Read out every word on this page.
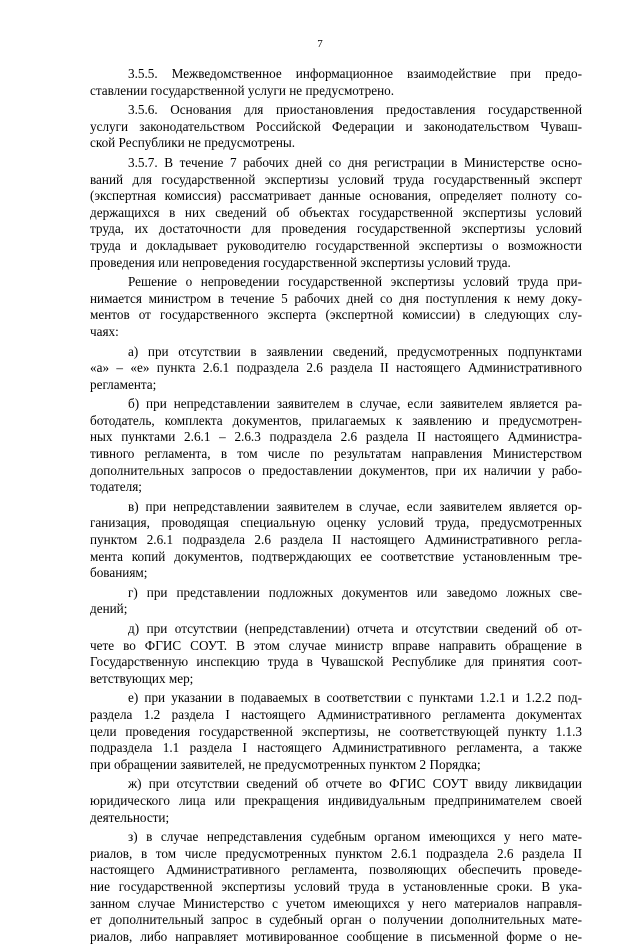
7
3.5.5. Межведомственное информационное взаимодействие при предо-
ставлении государственной услуги не предусмотрено.
3.5.6. Основания для приостановления предоставления государственной
услуги законодательством Российской Федерации и законодательством Чуваш-
ской Республики не предусмотрены.
3.5.7. В течение 7 рабочих дней со дня регистрации в Министерстве осно-
ваний для государственной экспертизы условий труда государственный эксперт
(экспертная комиссия) рассматривает данные основания, определяет полноту со-
держащихся в них сведений об объектах государственной экспертизы условий
труда, их достаточности для проведения государственной экспертизы условий
труда и докладывает руководителю государственной экспертизы о возможности
проведения или непроведения государственной экспертизы условий труда.
Решение о непроведении государственной экспертизы условий труда при-
нимается министром в течение 5 рабочих дней со дня поступления к нему доку-
ментов от государственного эксперта (экспертной комиссии) в следующих слу-
чаях:
а) при отсутствии в заявлении сведений, предусмотренных подпунктами
«а» – «е» пункта 2.6.1 подраздела 2.6 раздела II настоящего Административного
регламента;
б) при непредставлении заявителем в случае, если заявителем является ра-
ботодатель, комплекта документов, прилагаемых к заявлению и предусмотрен-
ных пунктами 2.6.1 – 2.6.3 подраздела 2.6 раздела II настоящего Администра-
тивного регламента, в том числе по результатам направления Министерством
дополнительных запросов о предоставлении документов, при их наличии у рабо-
тодателя;
в) при непредставлении заявителем в случае, если заявителем является ор-
ганизация, проводящая специальную оценку условий труда, предусмотренных
пунктом 2.6.1 подраздела 2.6 раздела II настоящего Административного регла-
мента копий документов, подтверждающих ее соответствие установленным тре-
бованиям;
г) при представлении подложных документов или заведомо ложных све-
дений;
д) при отсутствии (непредставлении) отчета и отсутствии сведений об от-
чете во ФГИС СОУТ. В этом случае министр вправе направить обращение в
Государственную инспекцию труда в Чувашской Республике для принятия соот-
ветствующих мер;
е) при указании в подаваемых в соответствии с пунктами 1.2.1 и 1.2.2 под-
раздела 1.2 раздела I настоящего Административного регламента документах
цели проведения государственной экспертизы, не соответствующей пункту 1.1.3
подраздела 1.1 раздела I настоящего Административного регламента, а также
при обращении заявителей, не предусмотренных пунктом 2 Порядка;
ж) при отсутствии сведений об отчете во ФГИС СОУТ ввиду ликвидации
юридического лица или прекращения индивидуальным предпринимателем своей
деятельности;
з) в случае непредставления судебным органом имеющихся у него мате-
риалов, в том числе предусмотренных пунктом 2.6.1 подраздела 2.6 раздела II
настоящего Административного регламента, позволяющих обеспечить проведе-
ние государственной экспертизы условий труда в установленные сроки. В ука-
занном случае Министерство с учетом имеющихся у него материалов направля-
ет дополнительный запрос в судебный орган о получении дополнительных мате-
риалов, либо направляет мотивированное сообщение в письменной форме о не-
